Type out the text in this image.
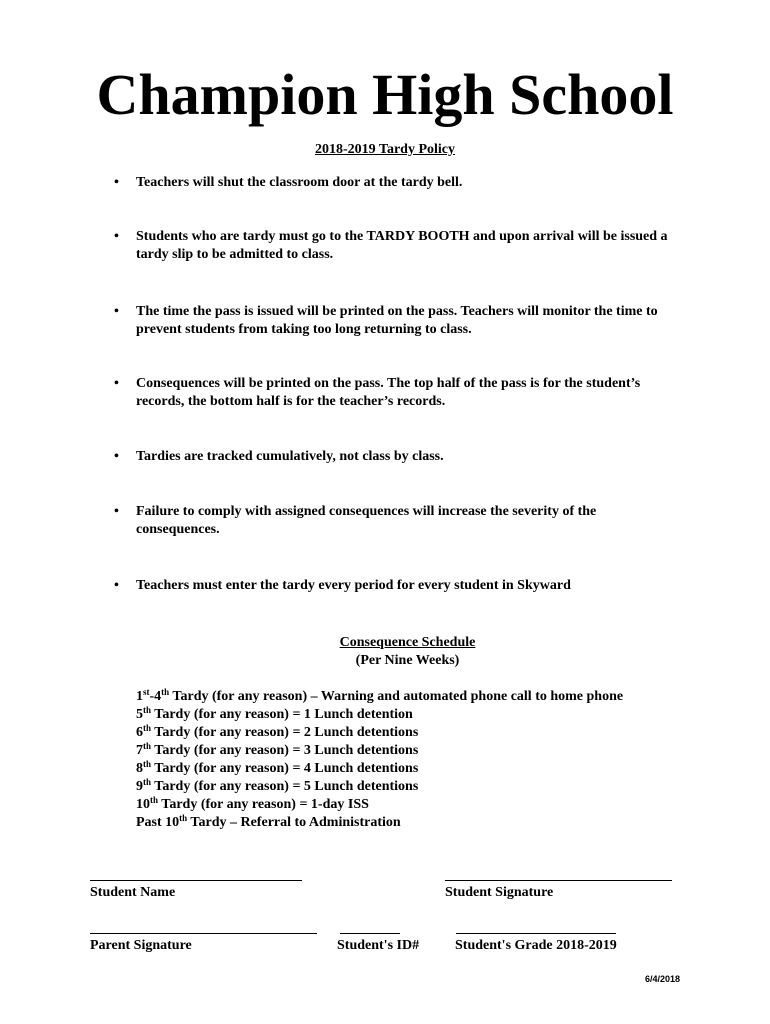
Champion High School
2018-2019 Tardy Policy
• Teachers will shut the classroom door at the tardy bell.
• Students who are tardy must go to the TARDY BOOTH and upon arrival will be issued a tardy slip to be admitted to class.
• The time the pass is issued will be printed on the pass. Teachers will monitor the time to prevent students from taking too long returning to class.
• Consequences will be printed on the pass. The top half of the pass is for the student’s records, the bottom half is for the teacher’s records.
• Tardies are tracked cumulatively, not class by class.
• Failure to comply with assigned consequences will increase the severity of the consequences.
• Teachers must enter the tardy every period for every student in Skyward
Consequence Schedule
(Per Nine Weeks)
1st-4th Tardy (for any reason) – Warning and automated phone call to home phone
5th Tardy (for any reason) = 1 Lunch detention
6th Tardy (for any reason) = 2 Lunch detentions
7th Tardy (for any reason) = 3 Lunch detentions
8th Tardy (for any reason) = 4 Lunch detentions
9th Tardy (for any reason) = 5 Lunch detentions
10th Tardy (for any reason) = 1-day ISS
Past 10th Tardy – Referral to Administration
Student Name	Student Signature
Parent Signature	Student's ID#	Student's Grade 2018-2019
6/4/2018
